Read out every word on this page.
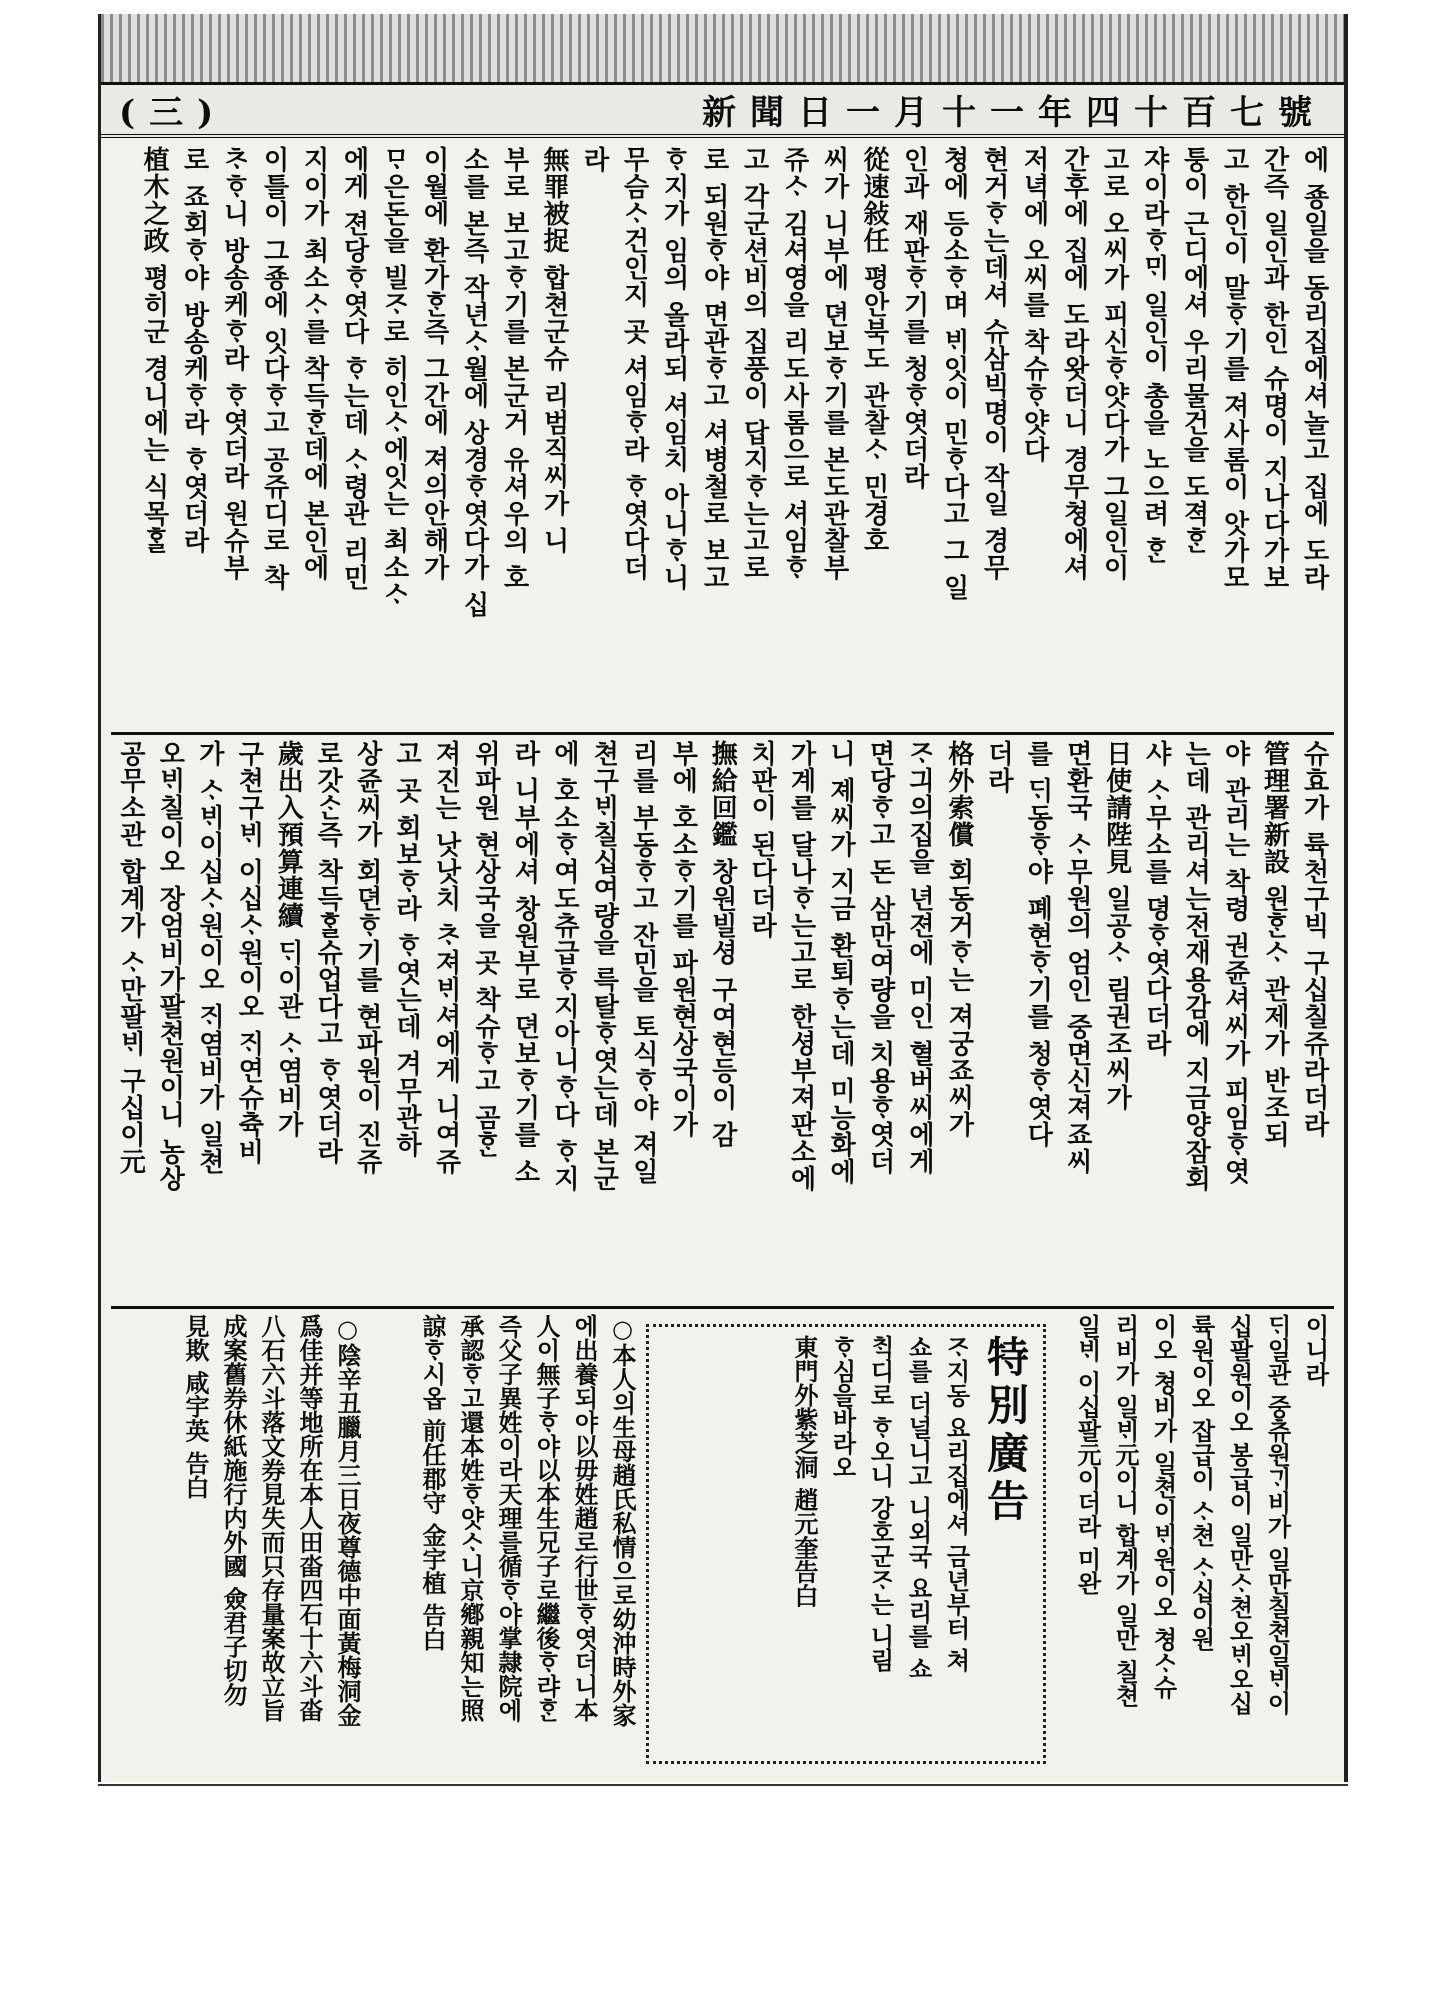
新聞日一月十一年四十百七號
(三)
에 죵일을 동리집에셔놀고 집에 도라
간즉 일인과 한인 슈명이 지나다가보
고 한인이 말ᄒᆞ기를 져사롬이 앗가모
퉁이 근디에셔 우리물건을 도젹ᄒᆞᆫ
쟈이라ᄒᆞᄆᆡ 일인이 총을 노으려 ᄒᆞᆫ
고로 오씨가 피신ᄒᆞ얏다가 그일인이
간후에 집에 도라왓더니 경무쳥에셔
저녁에 오씨를 착슈ᄒᆞ얏다
현거ᄒᆞ는데셔 슈삼빅명이 작일 경무
쳥에 등소ᄒᆞ며 ᄇᆡ잇이 민ᄒᆞ다고 그 일
인과 재판ᄒᆞ기를 청ᄒᆞ엿더라
從速敍任 평안북도 관찰ᄉᆞ 민경호
씨가 니부에 뎐보ᄒᆞ기를 본도관찰부
쥬ᄉᆞ 김셔영을 리도사롬으로 셔임ᄒᆞ
고 각군션비의 집풍이 답지ᄒᆞ는고로
로 되원ᄒᆞ야 면관ᄒᆞ고 셔병철로 보고
ᄒᆞ지가 임의 올라되 셔임치 아니ᄒᆞ니
무슴ᄉᆞ건인지 곳 셔임ᄒᆞ라 ᄒᆞ엿다더
라
無罪被捉 합쳔군슈 리범직씨가 니
부로 보고ᄒᆞ기를 본군거 유셔우의 호
소를 본즉 작년ᄉᆞ월에 상경ᄒᆞ엿다가 십
이월에 환가ᄒᆞᆫ즉 그간에 져의안해가
ᄆᆞ은돈을 빌ᄌᆞ로 히인ᄉᆞ에잇는 최소ᄉᆞ
에게 젼당ᄒᆞ엿다 ᄒᆞ는데 ᄉᆞ령관 리민
지이가 최소ᄉᆞ를 착득ᄒᆞᆫ데에 본인에
이틀이 그죵에 잇다ᄒᆞ고 공쥬디로 착
ᄎᆞᄒᆞ니 방송케ᄒᆞ라 ᄒᆞ엿더라 원슈부
로 죠회ᄒᆞ야 방송케ᄒᆞ라 ᄒᆞ엿더라
植木之政 평히군 경니에는 식목ᄒᆞᆯ
슈효가 륙천구빅 구십칠쥬라더라
管理署新設 원ᄒᆞᆫᄉᆞ 관제가 반조되
야 관리는 착령 권쥰셔씨가 피임ᄒᆞ엿
는데 관리셔는전재용감에 지금양잠회
샤 ᄉᆞ무소를 뎡ᄒᆞ엿다더라
日使請陛見 일공ᄉᆞ 림권조씨가
면환국 ᄉᆞ무원의 엄인 중면신져죠씨
를 ᄃᆡ동ᄒᆞ야 폐현ᄒᆞ기를 청ᄒᆞ엿다
더라
格外索償 회동거ᄒᆞ는 져궁죠씨가
ᄌᆞ긔의집을 년젼에 미인 혈버씨에게
면당ᄒᆞ고 돈 삼만여량을 치용ᄒᆞ엿더
니 졔씨가 지금 환퇴ᄒᆞ는데 미능화에
가계를 달나ᄒᆞ는고로 한셩부져판소에
치판이 된다더라
撫給回鑑 창원빌셩 구여현등이 감
부에 호소ᄒᆞ기를 파원현상국이가
리를 부동ᄒᆞ고 잔민을 토식ᄒᆞ야 져일
쳔구ᄇᆡ칠십여량을 륵탈ᄒᆞ엿는데 본군
에 호소ᄒᆞ여도츄급ᄒᆞ지아니ᄒᆞ다 ᄒᆞ지
라 니부에셔 창원부로 뎐보ᄒᆞ기를 소
위파원 현상국을 곳 착슈ᄒᆞ고 곰ᄒᆞᆫ
져진는 낫낫치 ᄎᆞ져ᄇᆡ셔에게 니여쥬
고 곳 회보ᄒᆞ라 ᄒᆞ엿는데 겨무관하
상쥰씨가 회뎐ᄒᆞ기를 현파원이 진쥬
로갓ᄉᆞᆫ즉 착득ᄒᆞᆯ슈업다고 ᄒᆞ엿더라
歲出入預算連續 ᄃᆡ이관 ᄉᆞ염비가
구쳔구ᄇᆡ 이십ᄉᆞ원이오 ᄌᆡ연슈츅비
가 ᄉᆞᄇᆡ이십ᄉᆞ원이오 ᄌᆡ염비가 일쳔
오ᄇᆡ칠이오 장엄비가팔쳔원이니 농상
공무소관 합계가 ᄉᆞ만팔ᄇᆡ 구십이元
이니라
ᄃᆡ일관 중츄원ᄀᆡ비가 일만칠쳔일ᄇᆡ이
십팔원이오 봉급이 일만ᄉᆞ쳔오ᄇᆡ오십
륙원이오 잡급이 ᄉᆞ쳔 ᄉᆞ십이원
이오 쳥비가 일쳔이ᄇᆡ원이오 쳥ᄉᆞ슈
리비가 일ᄇᆡ元이니 합계가 일만 칠쳔
일ᄇᆡ 이십팔元이더라 미완
特別廣告
ᄌᆞ지동 요리집에셔 금년부터 쳐
쇼를 더널니고 니외국 요리를 쇼
ᄎᆡᆨ디로 ᄒᆞ오니 강호군ᄌᆞ는 니림
ᄒᆞ심을바라오
東門外紫芝洞 趙元奎告白
○本人의生母趙氏私情으로幼沖時外家
에出養되야以毋姓趙로行世ᄒᆞ엿더니本
人이無子ᄒᆞ야以本生兄子로繼後ᄒᆞ랴ᄒᆞᆫ
즉父子異姓이라天理를循ᄒᆞ야掌隷院에
承認ᄒᆞ고還本姓ᄒᆞ얏ᄉᆞ니京鄕親知는照
諒ᄒᆞ시옵 前任郡守 金宇植 告白
○陰辛丑臘月三日夜尊德中面黃梅洞金
爲佳并等地所在本人田畓四石十六斗畓
八石六斗落文券見失而只存量案故立旨
成案舊券休紙施行内外國 僉君子切勿
見欺 咸宇英 告白
